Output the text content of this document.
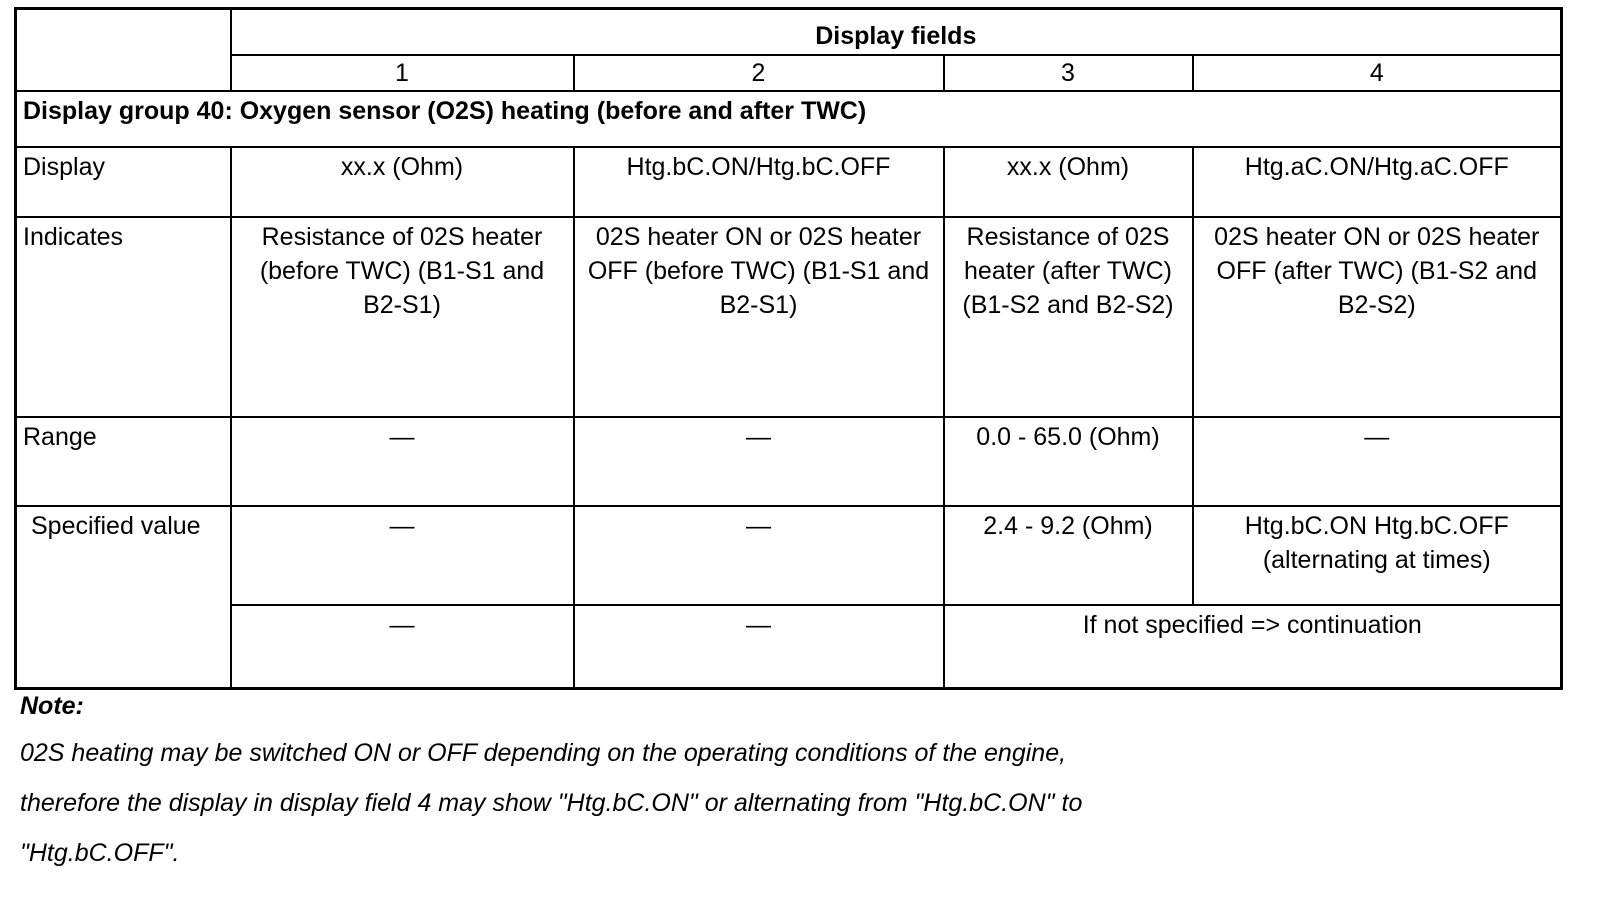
	Display fields			
	1	2	3	4
Display group 40: Oxygen sensor (O2S) heating (before and after TWC)				
Display	xx.x (Ohm)	Htg.bC.ON/Htg.bC.OFF	xx.x (Ohm)	Htg.aC.ON/Htg.aC.OFF
Indicates	Resistance of 02S heater (before TWC) (B1-S1 and B2-S1)	02S heater ON or 02S heater OFF (before TWC) (B1-S1 and B2-S1)	Resistance of 02S heater (after TWC) (B1-S2 and B2-S2)	02S heater ON or 02S heater OFF (after TWC) (B1-S2 and B2-S2)
Range	—	—	0.0 - 65.0 (Ohm)	—
Specified value	—	—	2.4 - 9.2 (Ohm)	Htg.bC.ON Htg.bC.OFF (alternating at times)
	—	—	If not specified => continuation	
Note:
02S heating may be switched ON or OFF depending on the operating conditions of the engine,
therefore the display in display field 4 may show "Htg.bC.ON" or alternating from "Htg.bC.ON" to
"Htg.bC.OFF".
